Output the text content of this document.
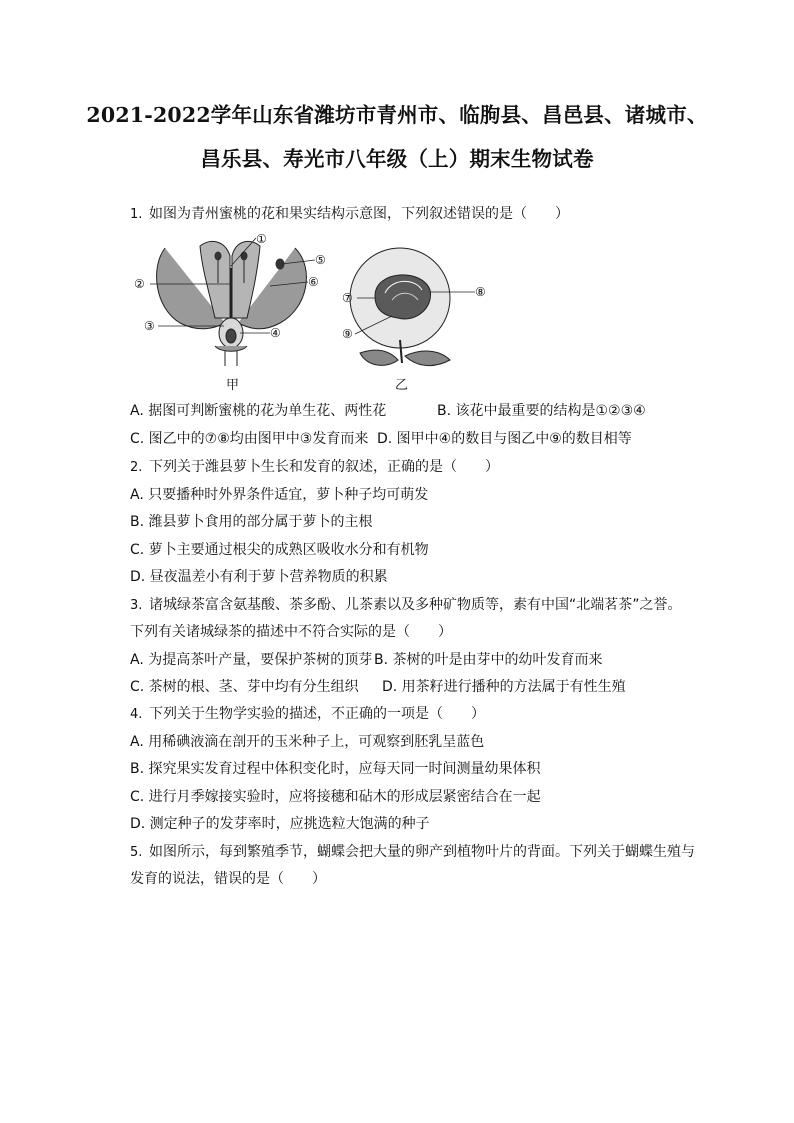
2021-2022学年山东省潍坊市青州市、临朐县、昌邑县、诸城市、
昌乐县、寿光市八年级（上）期末生物试卷
1. 如图为青州蜜桃的花和果实结构示意图，下列叙述错误的是（　　）
①
②
③	④
⑤
⑥
⑦	⑧
⑨
甲	乙
A. 据图可判断蜜桃的花为单生花、两性花	B. 该花中最重要的结构是①②③④
C. 图乙中的⑦⑧均由图甲中③发育而来 D. 图甲中④的数目与图乙中⑨的数目相等
2. 下列关于潍县萝卜生长和发育的叙述，正确的是（　　）
A. 只要播种时外界条件适宜，萝卜种子均可萌发
B. 潍县萝卜食用的部分属于萝卜的主根
C. 萝卜主要通过根尖的成熟区吸收水分和有机物
D. 昼夜温差小有利于萝卜营养物质的积累
3. 诸城绿茶富含氨基酸、茶多酚、儿茶素以及多种矿物质等，素有中国“北端茗茶”之誉。
下列有关诸城绿茶的描述中不符合实际的是（　　）
A. 为提高茶叶产量，要保护茶树的顶芽 B. 茶树的叶是由芽中的幼叶发育而来
C. 茶树的根、茎、芽中均有分生组织 D. 用茶籽进行播种的方法属于有性生殖
4. 下列关于生物学实验的描述，不正确的一项是（　　）
A. 用稀碘液滴在剖开的玉米种子上，可观察到胚乳呈蓝色
B. 探究果实发育过程中体积变化时，应每天同一时间测量幼果体积
C. 进行月季嫁接实验时，应将接穗和砧木的形成层紧密结合在一起
D. 测定种子的发芽率时，应挑选粒大饱满的种子
5. 如图所示，每到繁殖季节，蝴蝶会把大量的卵产到植物叶片的背面。下列关于蝴蝶生殖与
发育的说法，错误的是（　　）
